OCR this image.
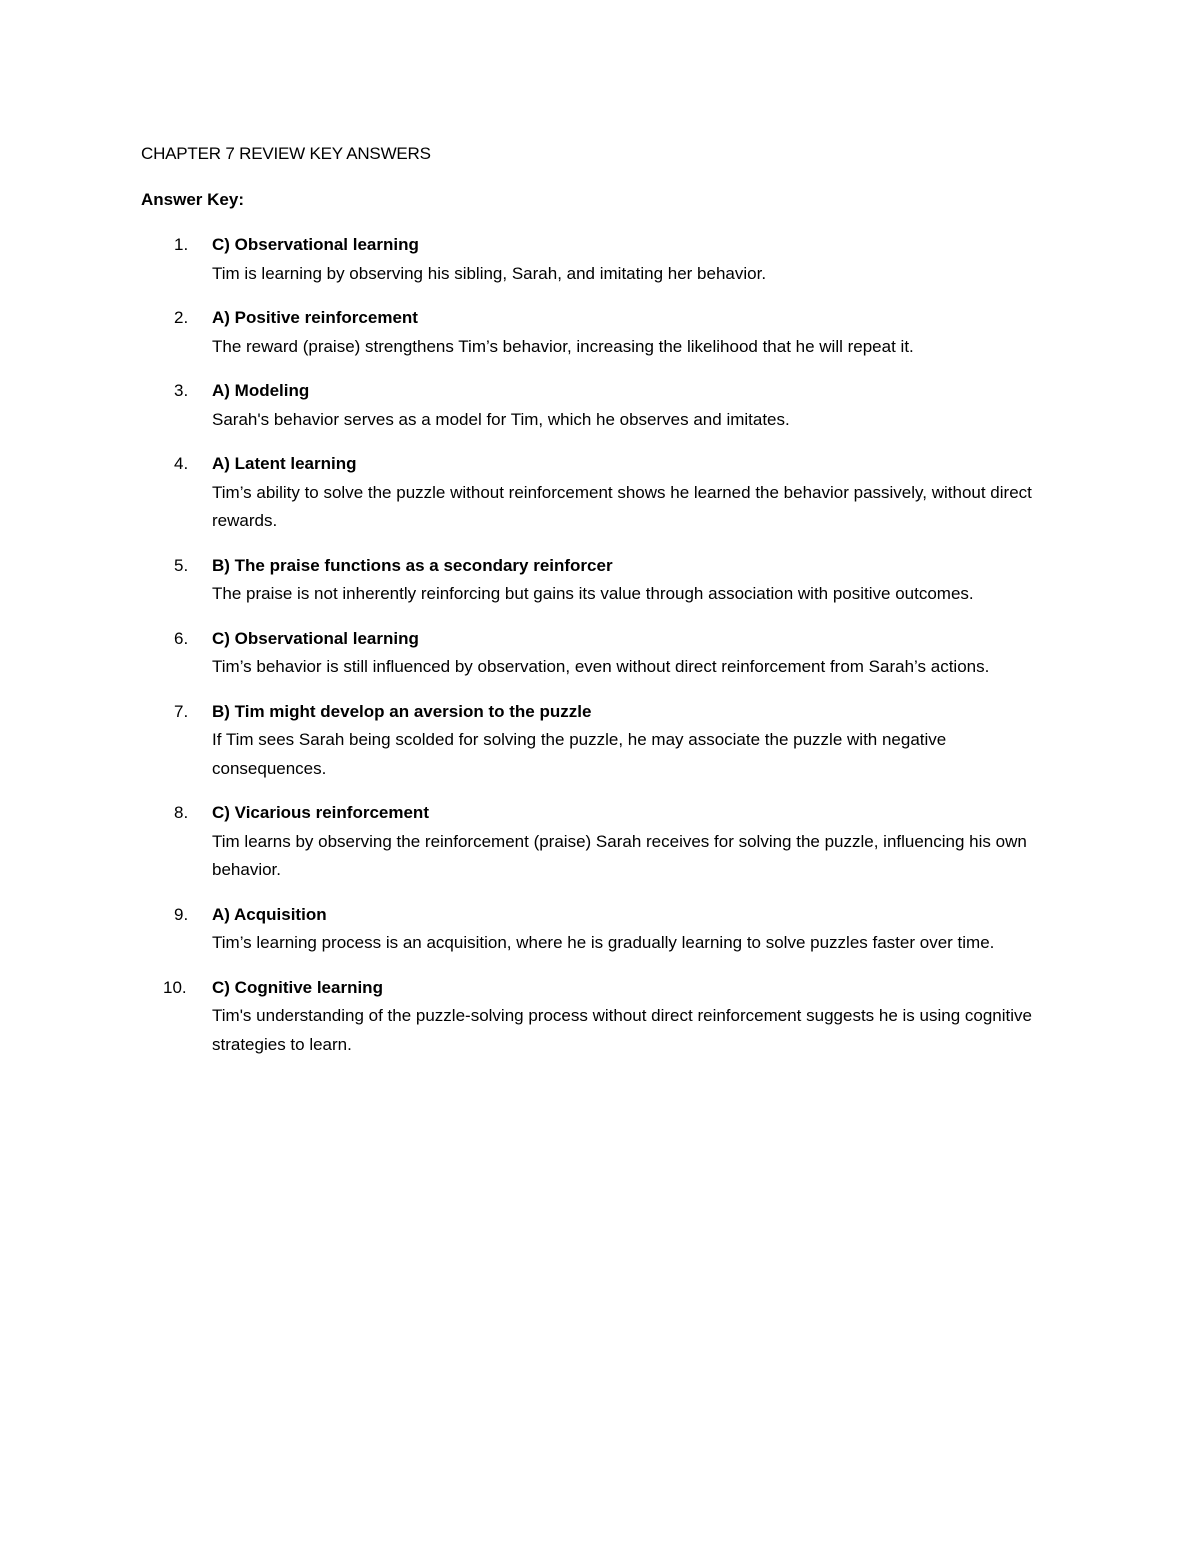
CHAPTER 7 REVIEW KEY ANSWERS
Answer Key:
1.	C) Observational learning
Tim is learning by observing his sibling, Sarah, and imitating her behavior.
2.	A) Positive reinforcement
The reward (praise) strengthens Tim’s behavior, increasing the likelihood that he will repeat it.
3.	A) Modeling
Sarah's behavior serves as a model for Tim, which he observes and imitates.
4.	A) Latent learning
Tim’s ability to solve the puzzle without reinforcement shows he learned the behavior passively, without direct rewards.
5.	B) The praise functions as a secondary reinforcer
The praise is not inherently reinforcing but gains its value through association with positive outcomes.
6.	C) Observational learning
Tim’s behavior is still influenced by observation, even without direct reinforcement from Sarah’s actions.
7.	B) Tim might develop an aversion to the puzzle
If Tim sees Sarah being scolded for solving the puzzle, he may associate the puzzle with negative consequences.
8.	C) Vicarious reinforcement
Tim learns by observing the reinforcement (praise) Sarah receives for solving the puzzle, influencing his own behavior.
9.	A) Acquisition
Tim’s learning process is an acquisition, where he is gradually learning to solve puzzles faster over time.
10.	C) Cognitive learning
Tim's understanding of the puzzle-solving process without direct reinforcement suggests he is using cognitive strategies to learn.
